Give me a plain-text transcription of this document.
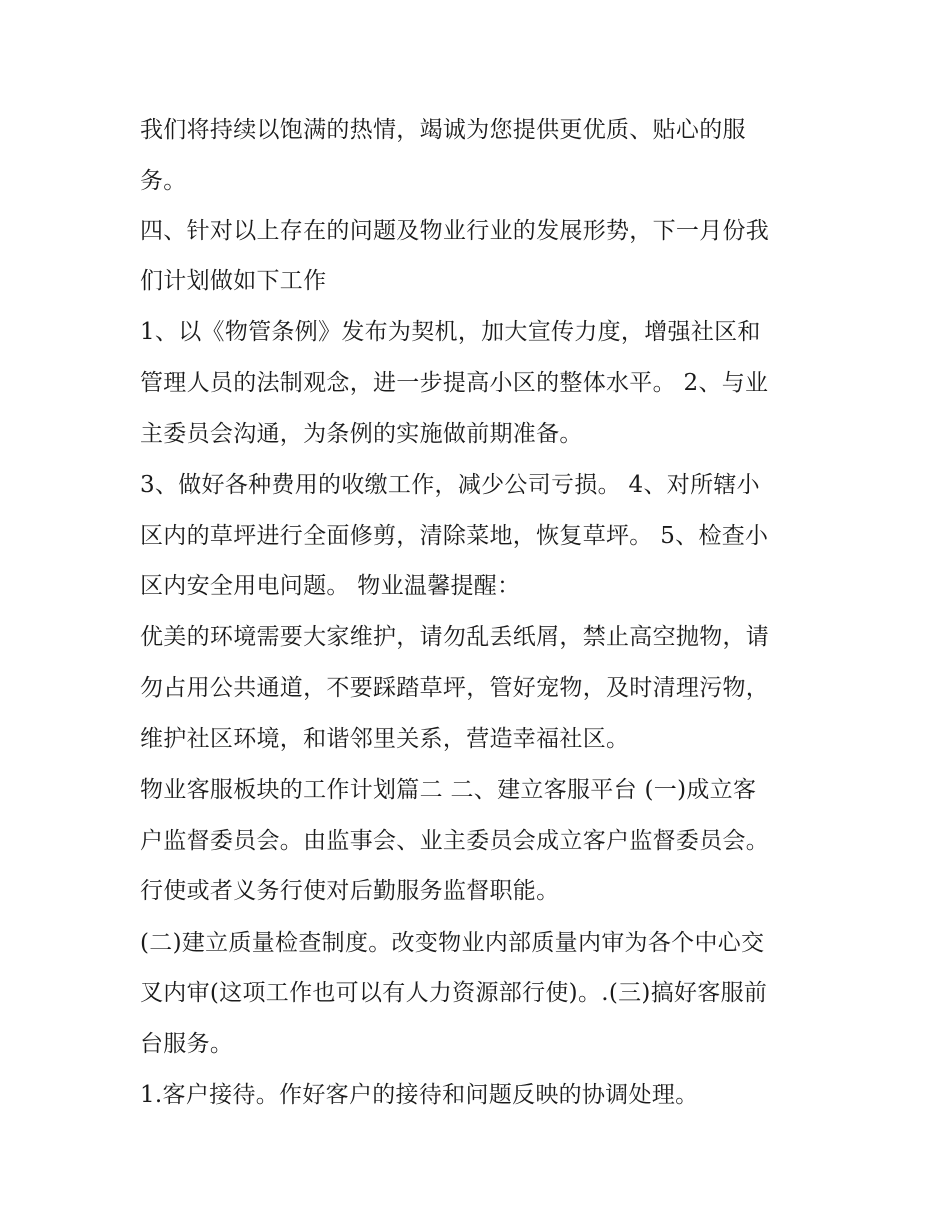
我们将持续以饱满的热情，竭诚为您提供更优质、贴心的服

务。

四、针对以上存在的问题及物业行业的发展形势，下一月份我

们计划做如下工作

1、以《物管条例》发布为契机，加大宣传力度，增强社区和

管理人员的法制观念，进一步提高小区的整体水平。 2、与业

主委员会沟通，为条例的实施做前期准备。

3、做好各种费用的收缴工作，减少公司亏损。 4、对所辖小

区内的草坪进行全面修剪，清除菜地，恢复草坪。 5、检查小

区内安全用电问题。 物业温馨提醒：

优美的环境需要大家维护，请勿乱丢纸屑，禁止高空抛物，请

勿占用公共通道，不要踩踏草坪，管好宠物，及时清理污物，

维护社区环境，和谐邻里关系，营造幸福社区。

物业客服板块的工作计划篇二 二、建立客服平台 (一)成立客

户监督委员会。由监事会、业主委员会成立客户监督委员会。

行使或者义务行使对后勤服务监督职能。

(二)建立质量检查制度。改变物业内部质量内审为各个中心交

叉内审(这项工作也可以有人力资源部行使)。.(三)搞好客服前

台服务。

1.客户接待。作好客户的接待和问题反映的协调处理。
